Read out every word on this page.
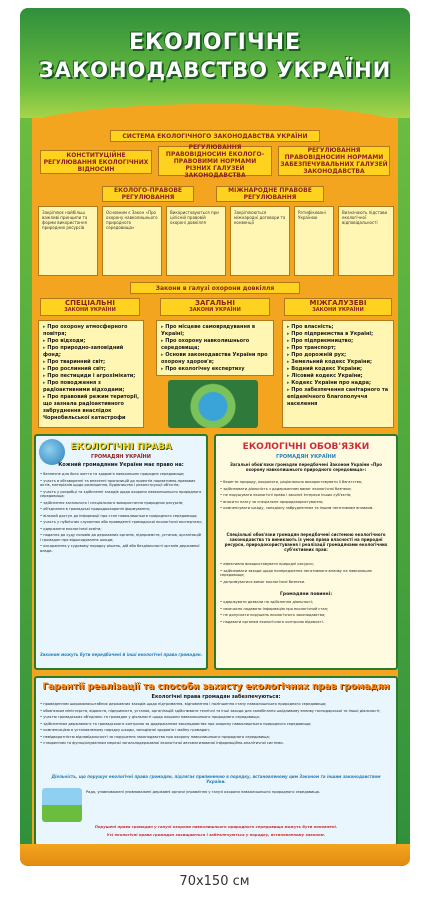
ЕКОЛОГІЧНЕ
ЗАКОНОДАВСТВО УКРАЇНИ
СИСТЕМА ЕКОЛОГІЧНОГО ЗАКОНОДАВСТВА УКРАЇНИ
КОНСТИТУЦІЙНЕ РЕГУЛЮВАННЯ ЕКОЛОГІЧНИХ ВІДНОСИН
РЕГУЛЮВАННЯ ПРАВОВІДНОСИН ЕКОЛОГО-ПРАВОВИМИ НОРМАМИ РІЗНИХ ГАЛУЗЕЙ ЗАКОНОДАВСТВА
РЕГУЛЮВАННЯ ПРАВОВІДНОСИН НОРМАМИ ЗАБЕЗПЕЧУВАЛЬНИХ ГАЛУЗЕЙ ЗАКОНОДАВСТВА
ЕКОЛОГО-ПРАВОВЕ РЕГУЛЮВАННЯ
МІЖНАРОДНЕ ПРАВОВЕ РЕГУЛЮВАННЯ
Закріплює найбільш важливі принципи та форми використання природних ресурсів
Основним є Закон «Про охорону навколишнього природного середовища»
Використовуються при цілісній правовій охороні довкілля
Закріплюються міжнародні договори та конвенції
Ратифіковані Україною
Визначають підстави екологічної відповідальності
Закони в галузі охорони довкілля
СПЕЦІАЛЬНІ
ЗАКОНИ УКРАЇНИ
ЗАГАЛЬНІ
ЗАКОНИ УКРАЇНИ
МІЖГАЛУЗЕВІ
ЗАКОНИ УКРАЇНИ
▸ Про охорону атмосферного повітря;
▸ Про відходи;
▸ Про природно-заповідний фонд;
▸ Про тваринний світ;
▸ Про рослинний світ;
▸ Про пестициди і агрохімікати;
▸ Про поводження з радіоактивними відходами;
▸ Про правовий режим території, що зазнала радіоактивного забруднення внаслідок Чорнобильської катастрофи
▸ Про місцеве самоврядування в Україні;
▸ Про охорону навколишнього середовища;
▸ Основи законодавства України про охорону здоров'я;
▸ Про екологічну експертизу
▸ Про власність;
▸ Про підприємства в Україні;
▸ Про підприємництво;
▸ Про транспорт;
▸ Про дорожній рух;
▸ Земельний кодекс України;
▸ Водний кодекс України;
▸ Лісовий кодекс України;
▸ Кодекс України про надра;
▸ Про забезпечення санітарного та епідемічного благополуччя населення
ЕКОЛОГІЧНІ ПРАВА
ГРОМАДЯН УКРАЇНИ
Кожний громадянин України має право на:

• безпечне для його життя та здоров'я навколишнє природне середовище;

• участь в обговоренні та внесенні пропозицій до проектів нормативно-правових актів, матеріалів щодо розміщення, будівництва і реконструкції об'єктів;

• участь у розробці та здійсненні заходів щодо охорони навколишнього природного середовища;

• здійснення загального і спеціального використання природних ресурсів;

• об'єднання в громадські природоохоронні формування;

• вільний доступ до інформації про стан навколишнього природного середовища;

• участь у публічних слуханнях або проведенні громадської екологічної експертизи;

• одержання екологічної освіти;

• подання до суду позовів до державних органів, підприємств, установ, організацій і громадян про відшкодування шкоди;

• оскарження у судовому порядку рішень, дій або бездіяльності органів державної влади.

Законом можуть бути передбачені й інші екологічні права громадян.
ЕКОЛОГІЧНІ ОБОВ'ЯЗКИ
ГРОМАДЯН УКРАЇНИ
Загальні обов'язки громадян передбачені Законом України «Про охорону навколишнього природного середовища»:

• берегти природу, охороняти, раціонально використовувати її багатства;

• здійснювати діяльність з додержанням вимог екологічної безпеки;

• не порушувати екологічні права і законні інтереси інших суб'єктів;

• вносити плату за спеціальне природокористування;

• компенсувати шкоду, заподіяну забрудненням та іншим негативним впливом.

Спеціальні обов'язки громадян передбачені системою екологічного законодавства та виникають із умов права власності на природні ресурси, природокористування і реалізації громадянами екологічних суб'єктивних прав:

• ефективно використовувати природні ресурси;

• здійснювати заходи щодо попередження негативного впливу на навколишнє середовище;

• дотримуватися вимог екологічної безпеки.

Громадяни повинні:

• одержувати дозволи на здійснення діяльності;

• своєчасно подавати інформацію про екологічний стан;

• не допускати порушень екологічного законодавства;

• надавати органам екологічного контролю відомості.

Гарантії реалізації та способи захисту екологічних прав громадян
Екологічні права громадян забезпечуються:

• проведенням широкомасштабних державних заходів щодо підтримання, відновлення і поліпшення стану навколишнього природного середовища;

• обов'язком міністерств, відомств, підприємств, установ, організацій здійснювати технічні та інші заходи для запобігання шкідливому впливу господарської та іншої діяльності;

• участю громадських об'єднань та громадян у діяльності щодо охорони навколишнього природного середовища;

• здійсненням державного та громадського контролю за додержанням законодавства про охорону навколишнього природного середовища;

• компенсацією в установленому порядку шкоди, заподіяної здоров'ю і майну громадян;

• невідворотністю відповідальності за порушення законодавства про охорону навколишнього природного середовища;

• створенням та функціонуванням мережі загальнодержавної екологічної автоматизованої інформаційно-аналітичної системи.

Діяльність, що порушує екологічні права громадян, підлягає припиненню в порядку, встановленому цим Законом та іншим законодавством України.
Рада, уповноважені уповноважені державні органи управління у галузі охорони навколишнього природного середовища.
Порушені права громадян у галузі охорони навколишнього природного середовища можуть бути поновлені.
Усі екологічні права громадян захищаються і забезпечуються у порядку, встановленому законом.
70x150 см
